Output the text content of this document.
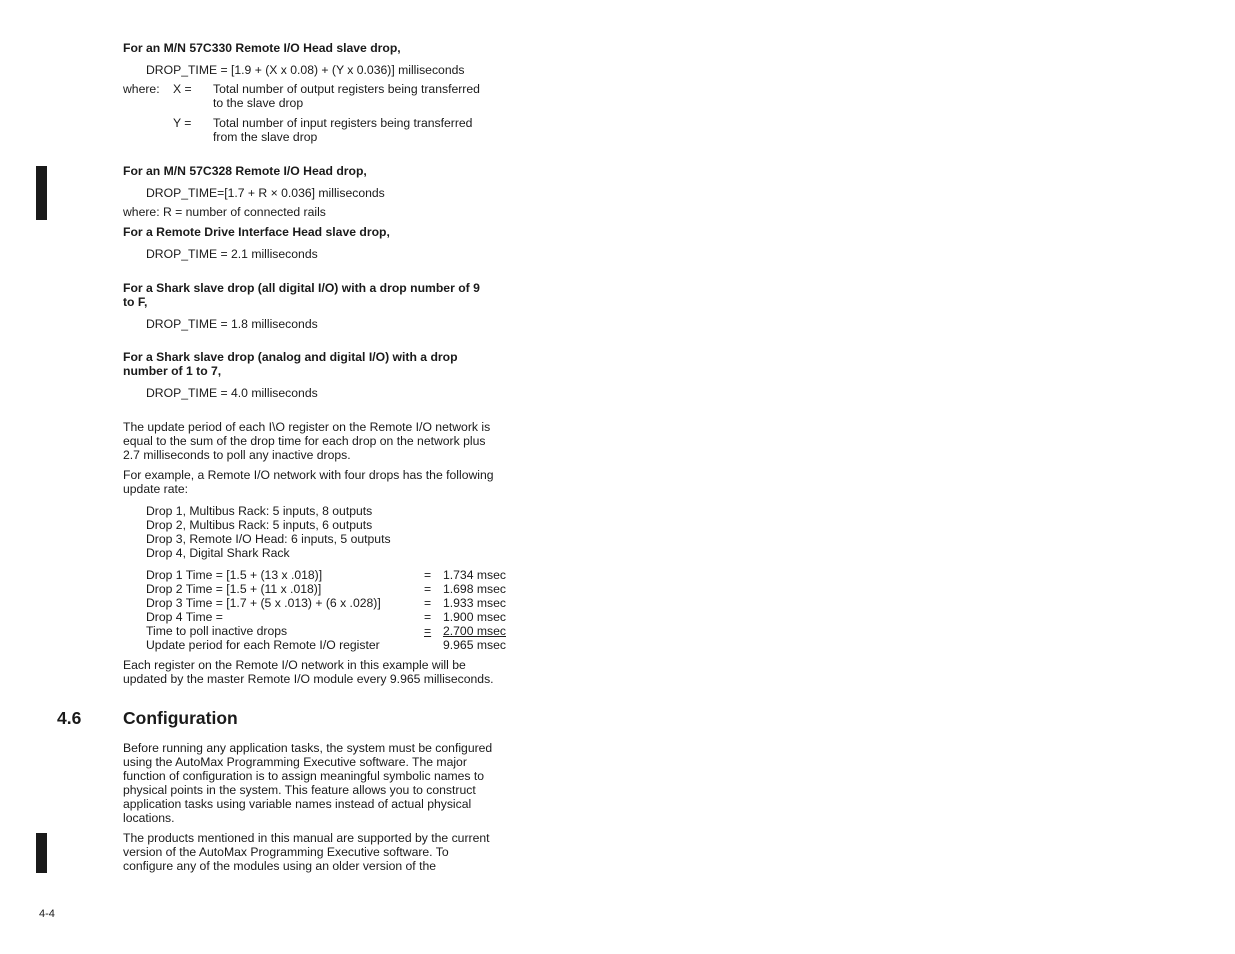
For an M/N 57C330 Remote I/O Head slave drop,
DROP_TIME = [1.9 + (X x 0.08) + (Y x 0.036)] milliseconds
where: X = Total number of output registers being transferred
to the slave drop
Y = Total number of input registers being transferred
from the slave drop
For an M/N 57C328 Remote I/O Head drop,
DROP_TIME=[1.7 + R × 0.036] milliseconds
where: R = number of connected rails
For a Remote Drive Interface Head slave drop,
DROP_TIME = 2.1 milliseconds
For a Shark slave drop (all digital I/O) with a drop number of 9
to F,
DROP_TIME = 1.8 milliseconds
For a Shark slave drop (analog and digital I/O) with a drop
number of 1 to 7,
DROP_TIME = 4.0 milliseconds
The update period of each I\O register on the Remote I/O network is
equal to the sum of the drop time for each drop on the network plus
2.7 milliseconds to poll any inactive drops.
For example, a Remote I/O network with four drops has the following
update rate:
Drop 1, Multibus Rack: 5 inputs, 8 outputs
Drop 2, Multibus Rack: 5 inputs, 6 outputs
Drop 3, Remote I/O Head: 6 inputs, 5 outputs
Drop 4, Digital Shark Rack
Drop 1 Time = [1.5 + (13 x .018)]	= 1.734 msec
Drop 2 Time = [1.5 + (11 x .018)]	= 1.698 msec
Drop 3 Time = [1.7 + (5 x .013) + (6 x .028)]	= 1.933 msec
Drop 4 Time =	= 1.900 msec
Time to poll inactive drops	= 2.700 msec
Update period for each Remote I/O register	9.965 msec
Each register on the Remote I/O network in this example will be
updated by the master Remote I/O module every 9.965 milliseconds.
4.6 Configuration
Before running any application tasks, the system must be configured
using the AutoMax Programming Executive software. The major
function of configuration is to assign meaningful symbolic names to
physical points in the system. This feature allows you to construct
application tasks using variable names instead of actual physical
locations.
The products mentioned in this manual are supported by the current
version of the AutoMax Programming Executive software. To
configure any of the modules using an older version of the
4-4
